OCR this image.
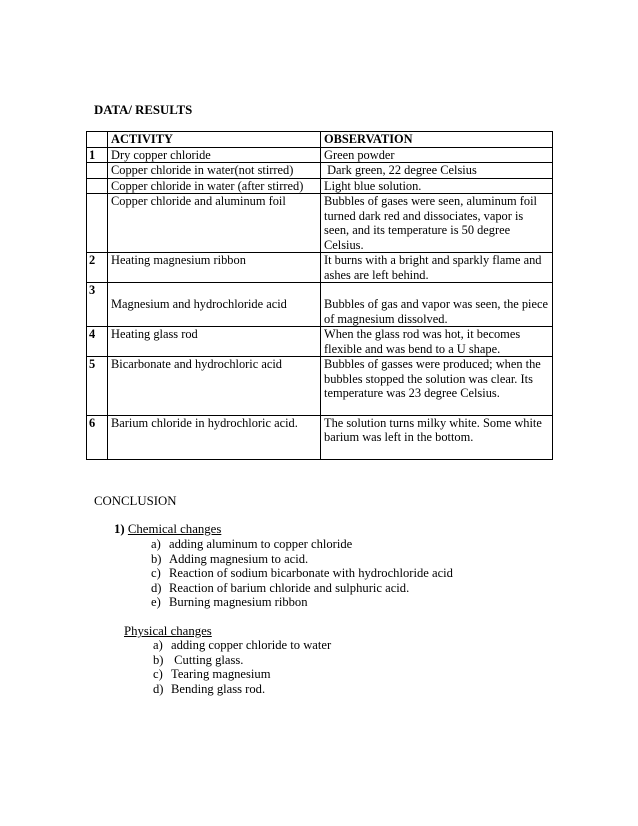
DATA/ RESULTS
	ACTIVITY	OBSERVATION
1	Dry copper chloride	Green powder
	Copper chloride in water(not stirred)	Dark green, 22 degree Celsius
	Copper chloride in water (after stirred)	Light blue solution.
	Copper chloride and aluminum foil	Bubbles of gases were seen, aluminum foil turned dark red and dissociates, vapor is seen, and its temperature is 50 degree Celsius.
2	Heating magnesium ribbon	It burns with a bright and sparkly flame and ashes are left behind.
3	Magnesium and hydrochloride acid	Bubbles of gas and vapor was seen, the piece of magnesium dissolved.
4	Heating glass rod	When the glass rod was hot, it becomes flexible and was bend to a U shape.
5	Bicarbonate and hydrochloric acid	Bubbles of gasses were produced; when the bubbles stopped the solution was clear. Its temperature was 23 degree Celsius.
6	Barium chloride in hydrochloric acid.	The solution turns milky white. Some white barium was left in the bottom.
CONCLUSION
1) Chemical changes
a) adding aluminum to copper chloride
b) Adding magnesium to acid.
c) Reaction of sodium bicarbonate with hydrochloride acid
d) Reaction of barium chloride and sulphuric acid.
e) Burning magnesium ribbon
Physical changes
a) adding copper chloride to water
b) Cutting glass.
c) Tearing magnesium
d) Bending glass rod.
